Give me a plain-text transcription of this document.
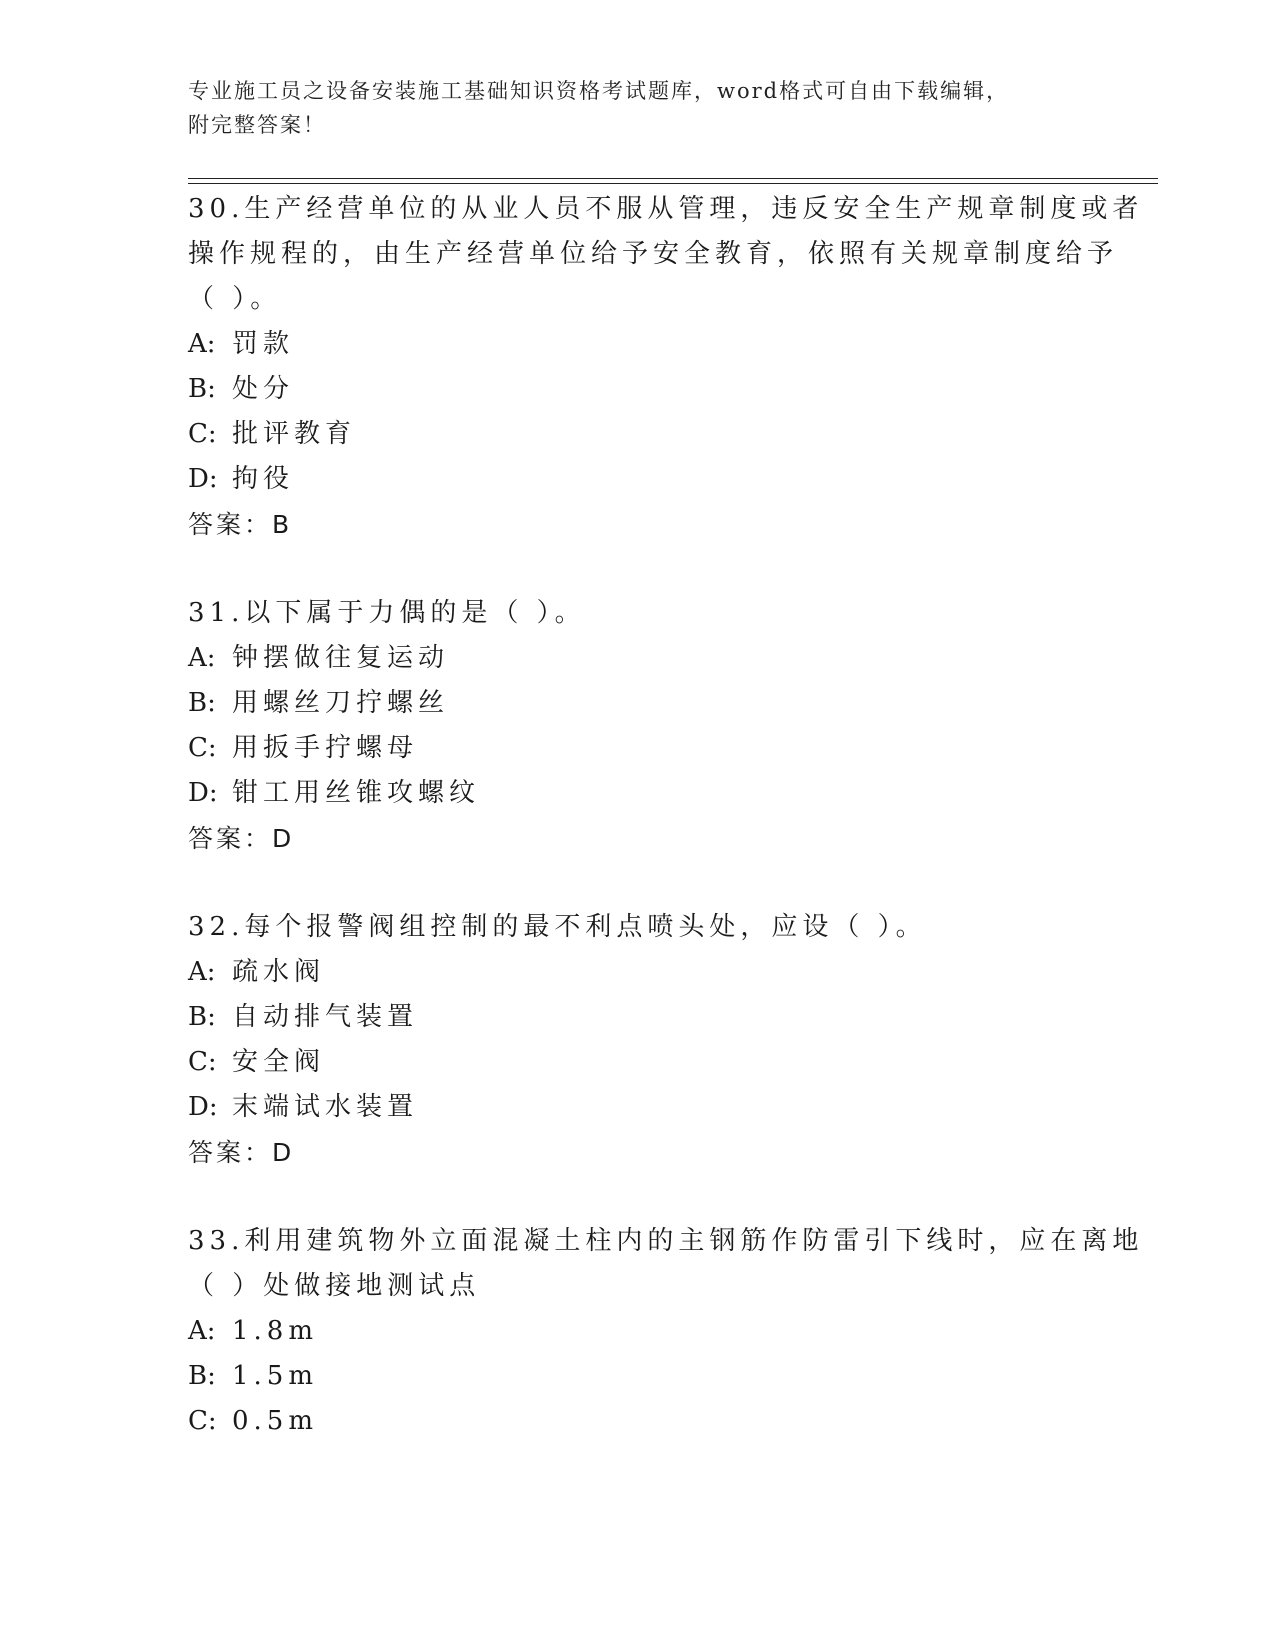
专业施工员之设备安装施工基础知识资格考试题库，word格式可自由下载编辑，
附完整答案！
30.生产经营单位的从业人员不服从管理，违反安全生产规章制度或者
操作规程的，由生产经营单位给予安全教育，依照有关规章制度给予
（ ）。
A: 罚款
B: 处分
C: 批评教育
D: 拘役
答案：B
31.以下属于力偶的是（ ）。
A: 钟摆做往复运动
B: 用螺丝刀拧螺丝
C: 用扳手拧螺母
D: 钳工用丝锥攻螺纹
答案：D
32.每个报警阀组控制的最不利点喷头处，应设（ ）。
A: 疏水阀
B: 自动排气装置
C: 安全阀
D: 末端试水装置
答案：D
33.利用建筑物外立面混凝土柱内的主钢筋作防雷引下线时，应在离地
（ ）处做接地测试点
A: 1.8m
B: 1.5m
C: 0.5m
